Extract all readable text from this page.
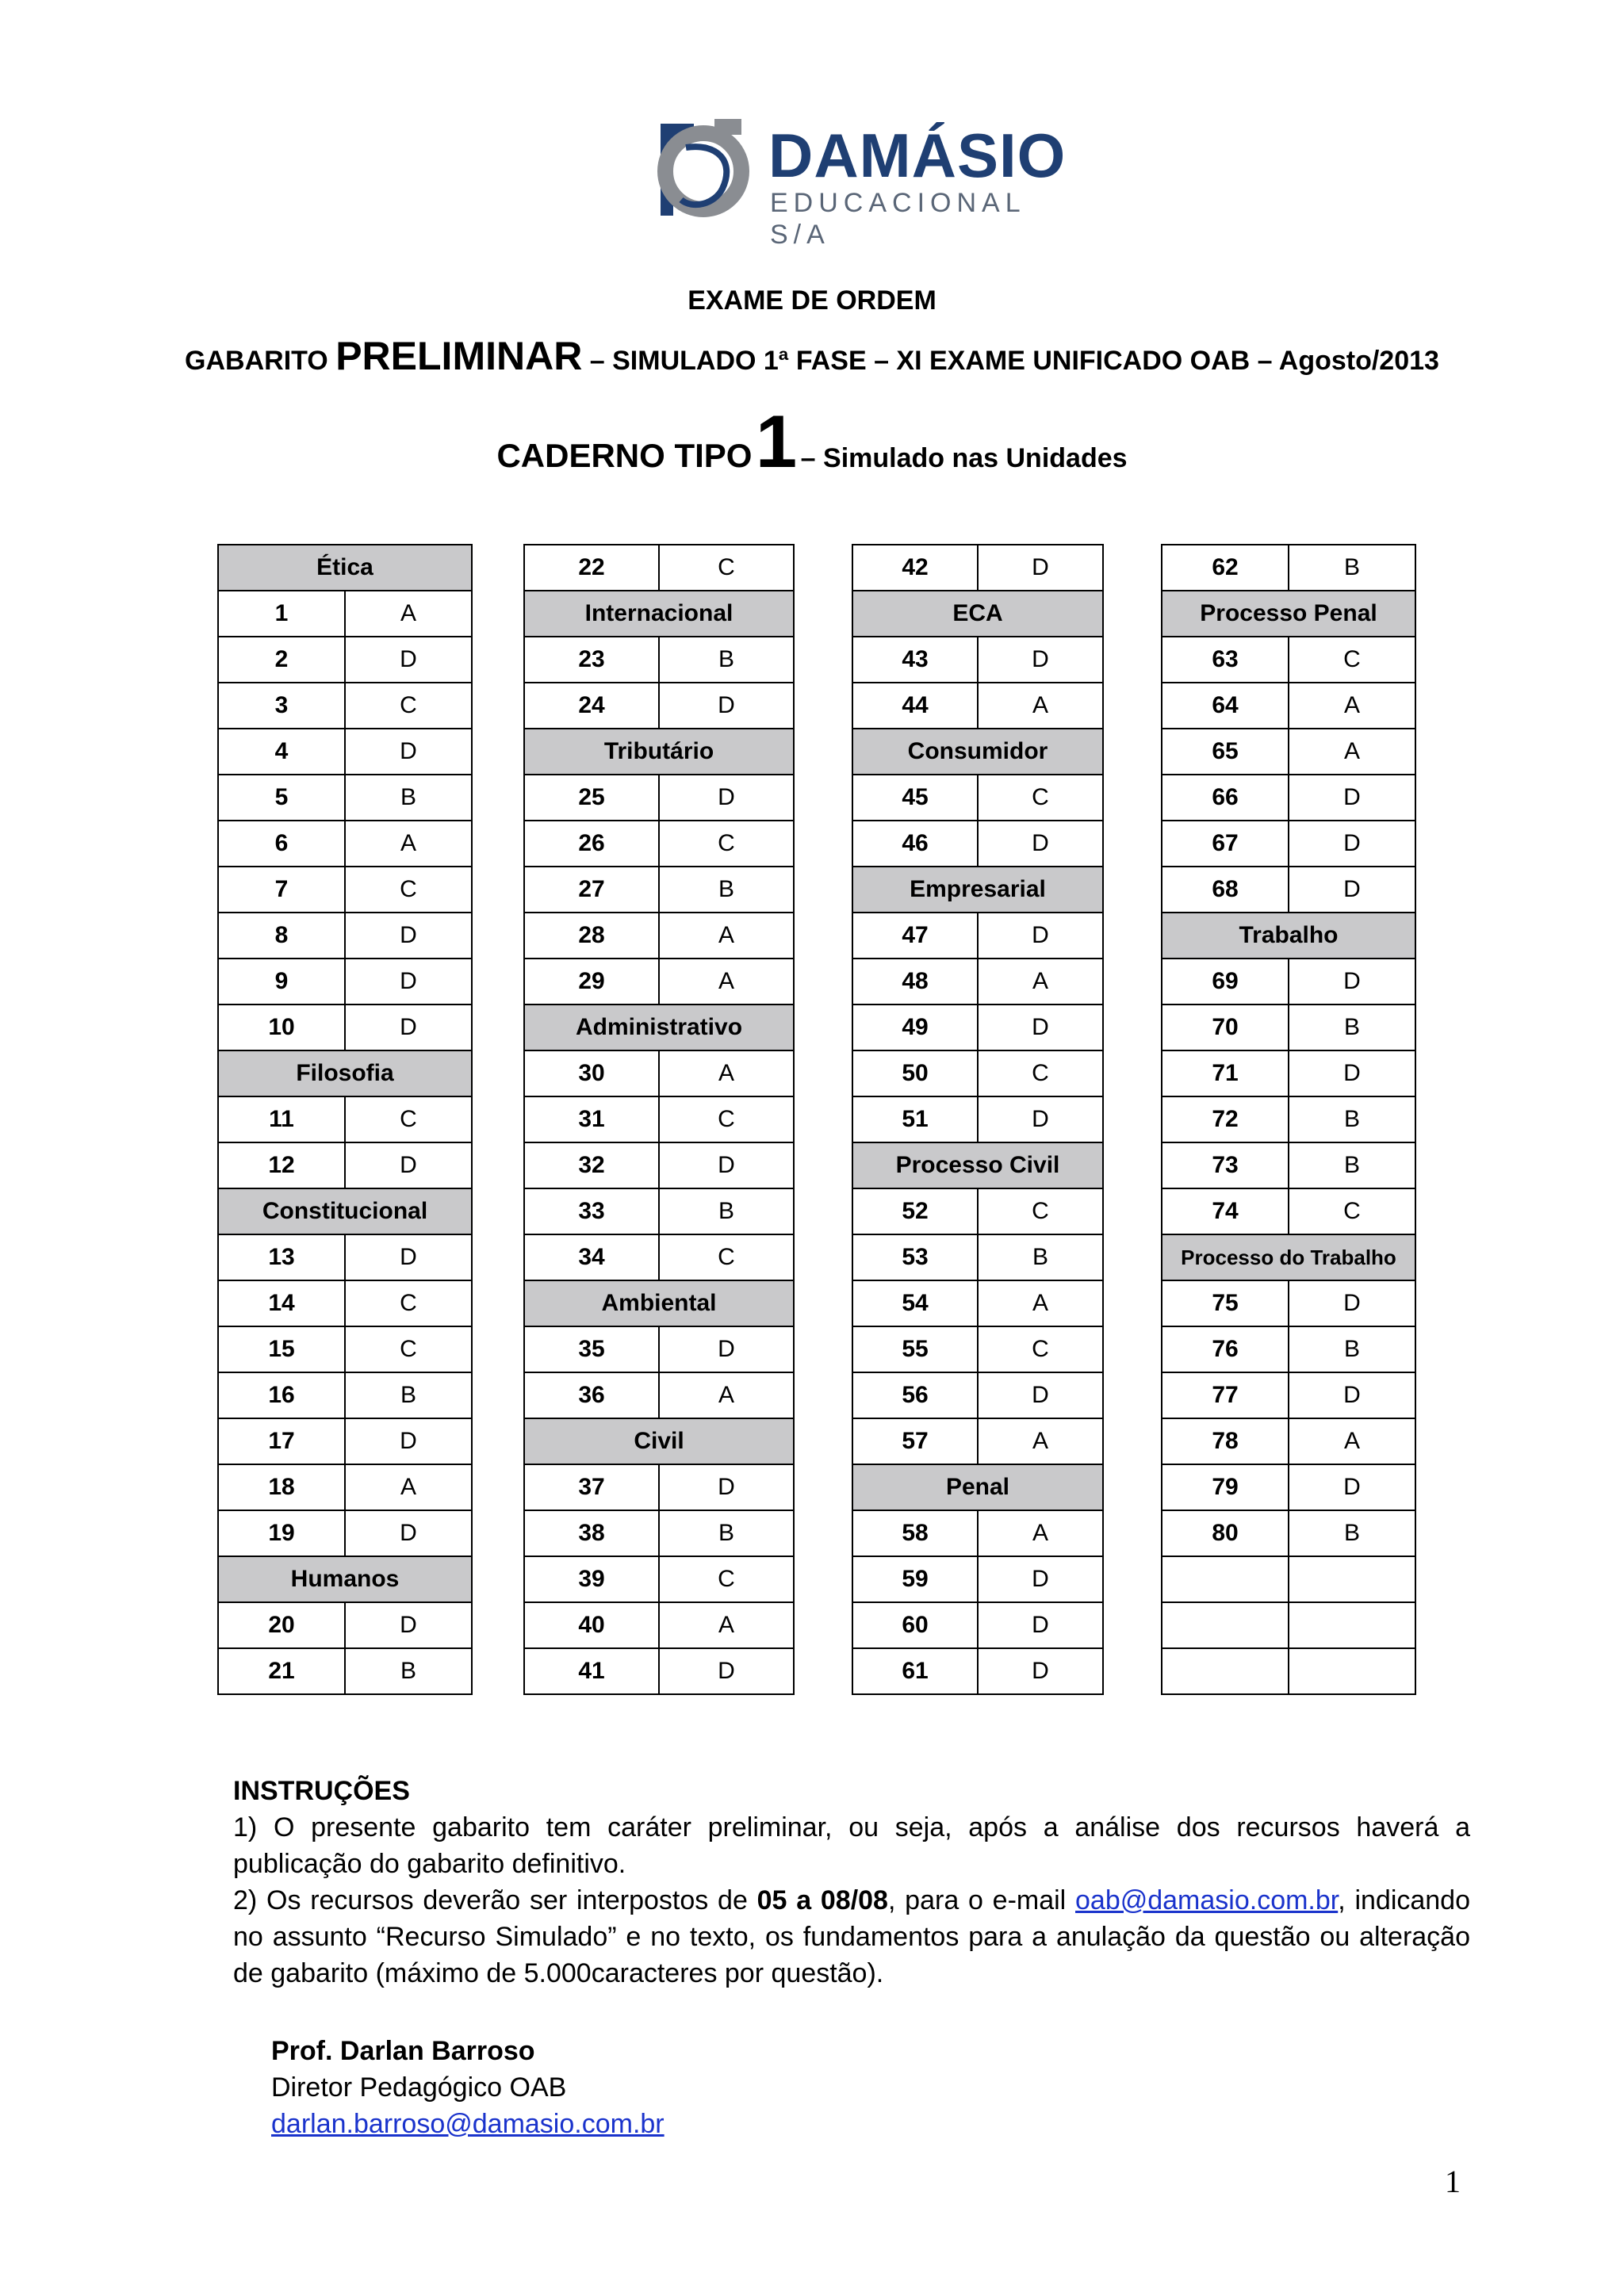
DAMÁSIO
EDUCACIONAL S/A
EXAME DE ORDEM
GABARITO PRELIMINAR – SIMULADO 1ª FASE – XI EXAME UNIFICADO OAB – Agosto/2013
CADERNO TIPO 1 – Simulado nas Unidades
Ética	
1	A
2	D
3	C
4	D
5	B
6	A
7	C
8	D
9	D
10	D
Filosofia	
11	C
12	D
Constitucional	
13	D
14	C
15	C
16	B
17	D
18	A
19	D
Humanos	
20	D
21	B
22	C
Internacional	
23	B
24	D
Tributário	
25	D
26	C
27	B
28	A
29	A
Administrativo	
30	A
31	C
32	D
33	B
34	C
Ambiental	
35	D
36	A
Civil	
37	D
38	B
39	C
40	A
41	D
42	D
ECA	
43	D
44	A
Consumidor	
45	C
46	D
Empresarial	
47	D
48	A
49	D
50	C
51	D
Processo Civil	
52	C
53	B
54	A
55	C
56	D
57	A
Penal	
58	A
59	D
60	D
61	D
62	B
Processo Penal	
63	C
64	A
65	A
66	D
67	D
68	D
Trabalho	
69	D
70	B
71	D
72	B
73	B
74	C
Processo do Trabalho	
75	D
76	B
77	D
78	A
79	D
80	B

INSTRUÇÕES

1) O presente gabarito tem caráter preliminar, ou seja, após a análise dos recursos haverá a publicação do gabarito definitivo.

2) Os recursos deverão ser interpostos de 05 a 08/08, para o e-mail oab@damasio.com.br, indicando no assunto “Recurso Simulado” e no texto, os fundamentos para a anulação da questão ou alteração de gabarito (máximo de 5.000caracteres por questão).

Prof. Darlan Barroso
Diretor Pedagógico OAB
darlan.barroso@damasio.com.br
1
